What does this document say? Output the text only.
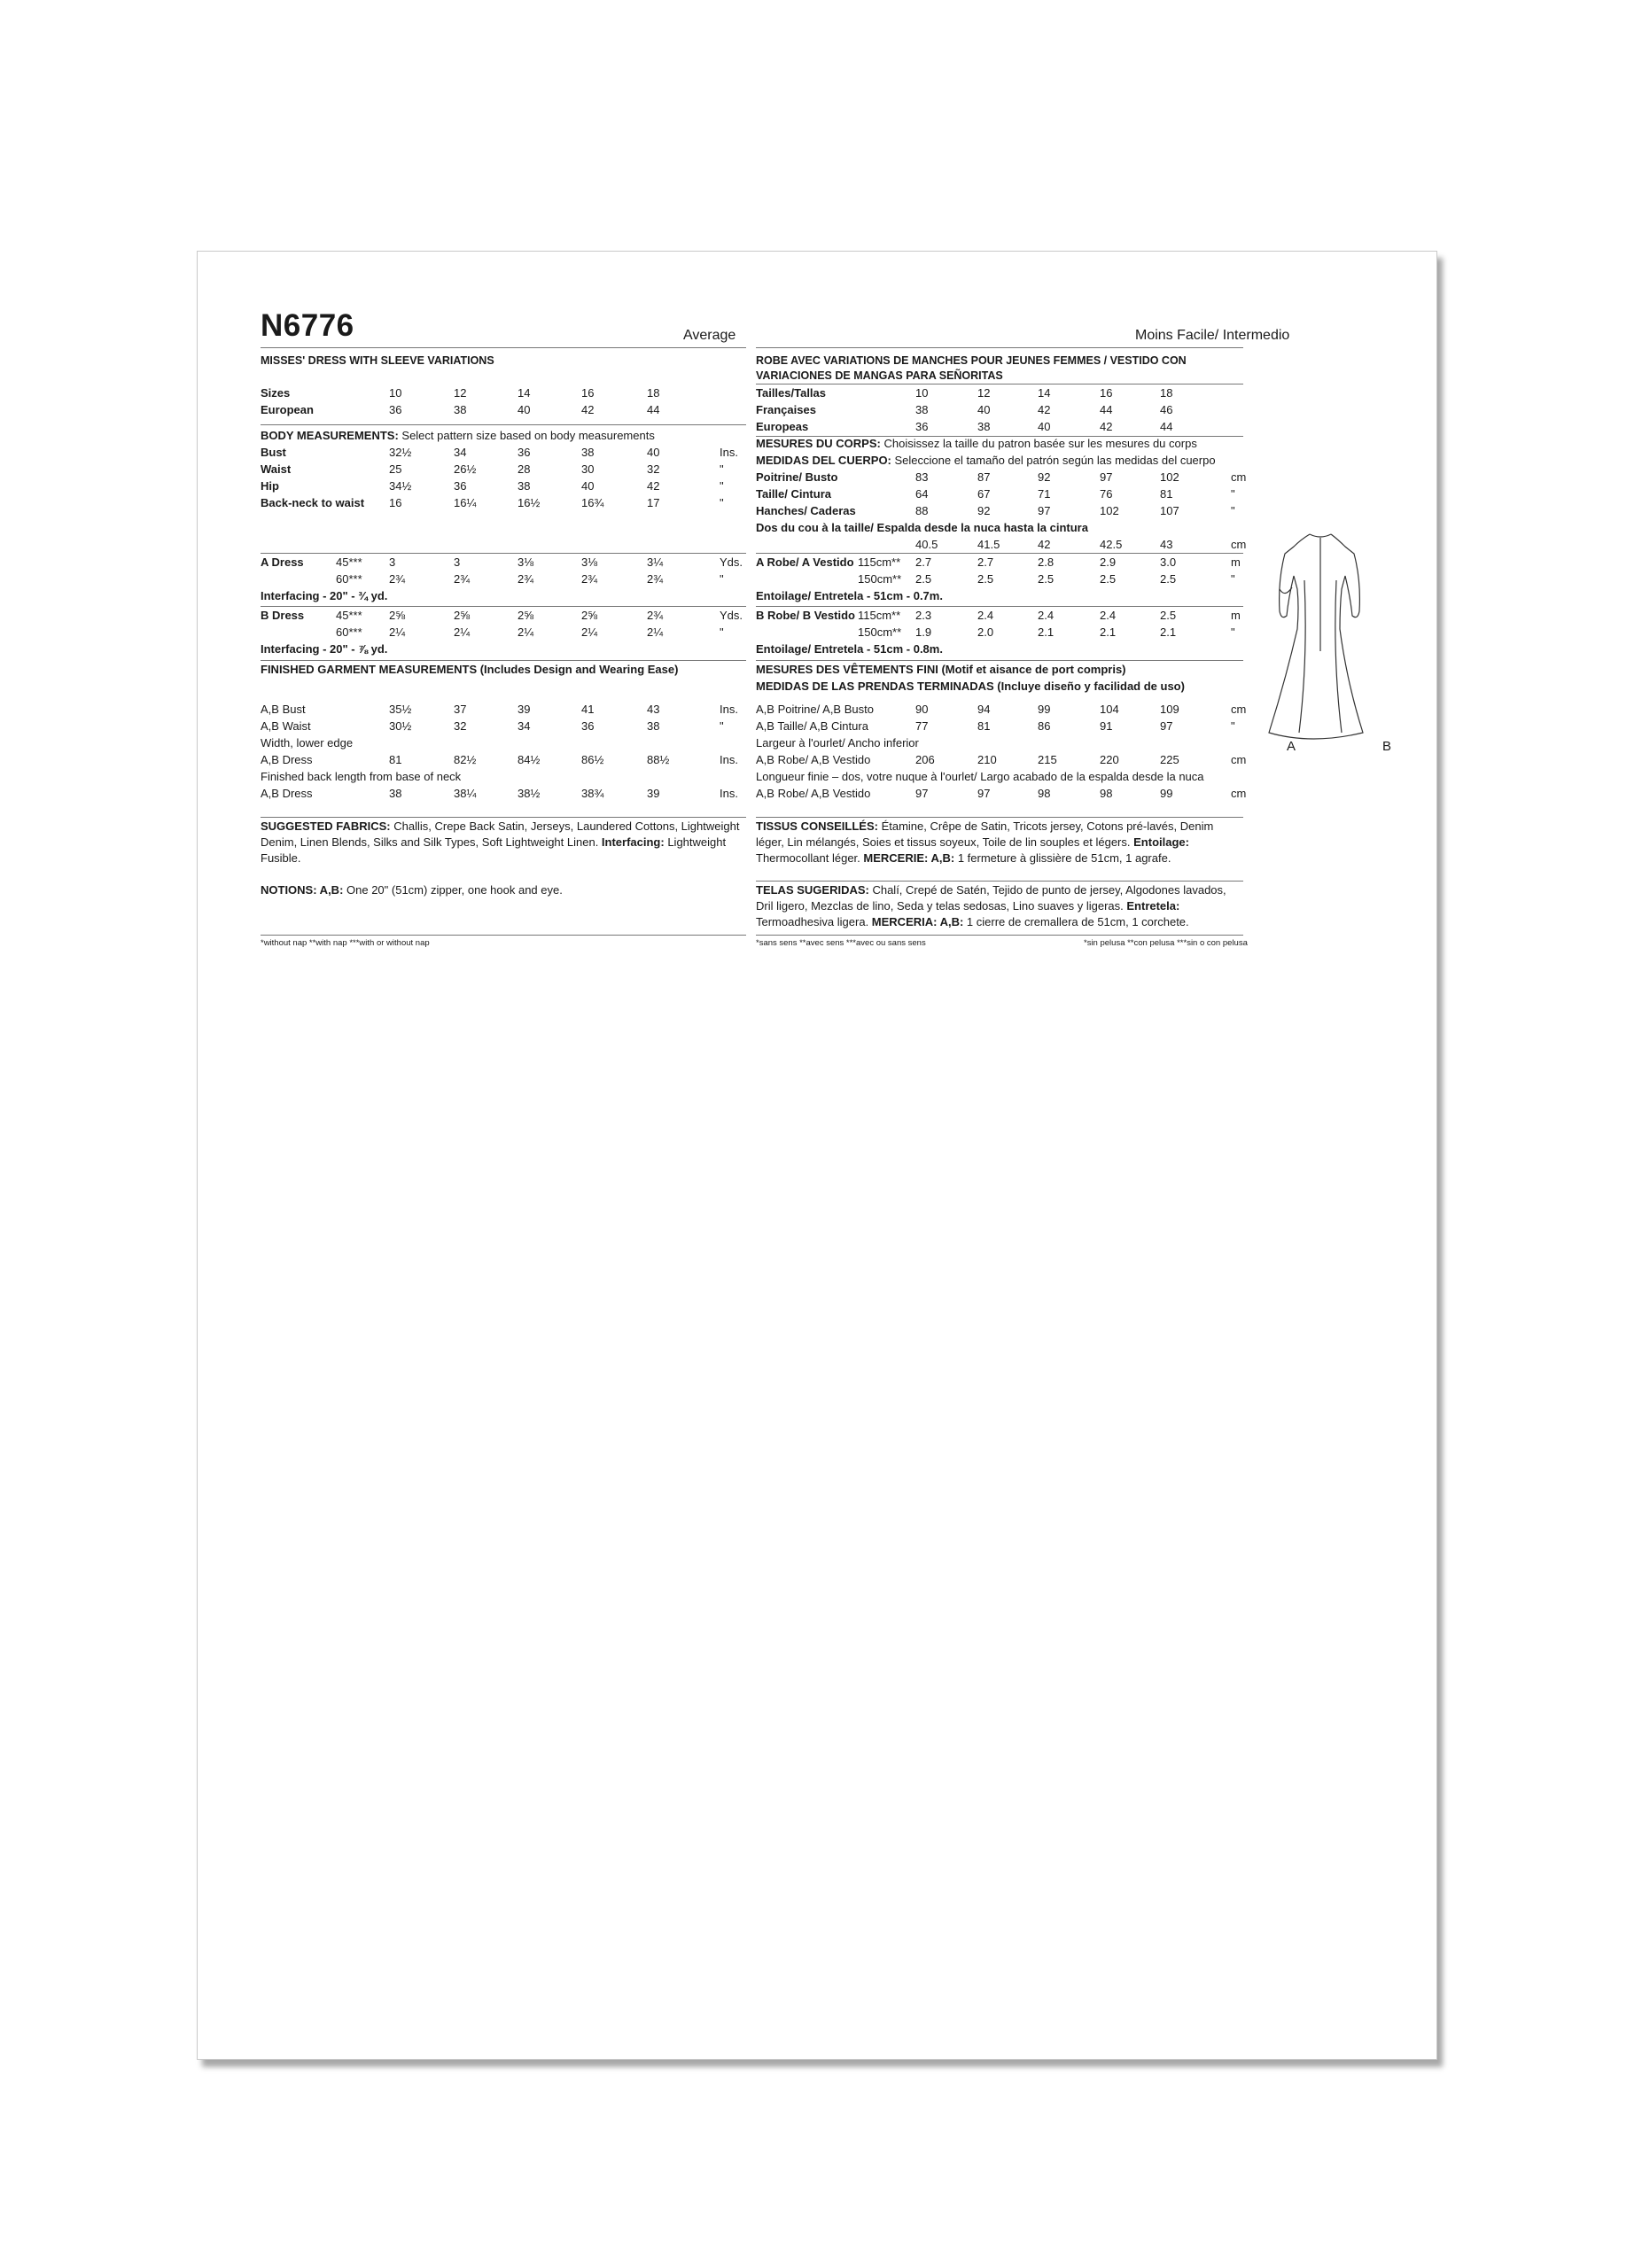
N6776	Average	Moins Facile/ Intermedio
MISSES' DRESS WITH SLEEVE VARIATIONS	ROBE AVEC VARIATIONS DE MANCHES POUR JEUNES FEMMES / VESTIDO CON VARIACIONES DE MANGAS PARA SEÑORITAS
Sizes	10	12	14	16	18
European	36	38	40	42	44
BODY MEASUREMENTS: Select pattern size based on body measurements
Bust	32½	34	36	38	40	Ins.
Waist	25	26½	28	30	32	"
Hip	34½	36	38	40	42	"
Back-neck to waist 16	16¼	16½	16¾	17	"
A Dress	45*** 3	3	3⅛	3⅛	3¼	Yds.
60*** 2¾	2¾	2¾	2¾	2¾	"
Interfacing - 20" - ¾ yd.
B Dress	45*** 2⅝	2⅝	2⅝	2⅝	2¾	Yds.
60*** 2¼	2¼	2¼	2¼	2¼	"
Interfacing - 20" - ⅞ yd.
FINISHED GARMENT MEASUREMENTS (Includes Design and Wearing Ease)
A,B Bust	35½	37	39	41	43	Ins.
A,B Waist	30½	32	34	36	38	"
Width, lower edge
A,B Dress	81	82½	84½	86½	88½	Ins.
Finished back length from base of neck
A,B Dress	38	38¼	38½	38¾	39	Ins.
Tailles/Tallas	10	12	14	16	18
Françaises	38	40	42	44	46
Europeas	36	38	40	42	44
MESURES DU CORPS: Choisissez la taille du patron basée sur les mesures du corps
MEDIDAS DEL CUERPO: Seleccione el tamaño del patrón según las medidas del cuerpo
Poitrine/ Busto	83	87	92	97	102	cm
Taille/ Cintura	64	67	71	76	81	"
Hanches/ Caderas	88	92	97	102	107	"
Dos du cou à la taille/ Espalda desde la nuca hasta la cintura
40.5	41.5	42	42.5	43	cm
A Robe/ A Vestido 115cm** 2.7	2.7	2.8	2.9	3.0	m
150cm** 2.5	2.5	2.5	2.5	2.5	"
Entoilage/ Entretela - 51cm - 0.7m.
B Robe/ B Vestido 115cm** 2.3	2.4	2.4	2.4	2.5	m
150cm** 1.9	2.0	2.1	2.1	2.1	"
Entoilage/ Entretela - 51cm - 0.8m.
MESURES DES VÊTEMENTS FINI (Motif et aisance de port compris)
MEDIDAS DE LAS PRENDAS TERMINADAS (Incluye diseño y facilidad de uso)
A,B Poitrine/ A,B Busto	90	94	99	104	109	cm
A,B Taille/ A,B Cintura	77	81	86	91	97	"
Largeur à l'ourlet/ Ancho inferior
A,B Robe/ A,B Vestido	206	210	215	220	225	cm
Longueur finie – dos, votre nuque à l'ourlet/ Largo acabado de la espalda desde la nuca
A,B Robe/ A,B Vestido	97	97	98	98	99	cm
SUGGESTED FABRICS: Challis, Crepe Back Satin, Jerseys, Laundered Cottons, Lightweight Denim, Linen Blends, Silks and Silk Types, Soft Lightweight Linen. Interfacing: Lightweight Fusible.
NOTIONS: A,B: One 20" (51cm) zipper, one hook and eye.
*without nap **with nap ***with or without nap
TISSUS CONSEILLÉS: Étamine, Crêpe de Satin, Tricots jersey, Cotons pré-lavés, Denim léger, Lin mélangés, Soies et tissus soyeux, Toile de lin souples et légers. Entoilage: Thermocollant léger. MERCERIE: A,B: 1 fermeture à glissière de 51cm, 1 agrafe.
TELAS SUGERIDAS: Chalí, Crepé de Satén, Tejido de punto de jersey, Algodones lavados, Dril ligero, Mezclas de lino, Seda y telas sedosas, Lino suaves y ligeras. Entretela: Termoadhesiva ligera. MERCERIA: A,B: 1 cierre de cremallera de 51cm, 1 corchete.
*sans sens **avec sens ***avec ou sans sens	*sin pelusa **con pelusa ***sin o con pelusa
A	B
